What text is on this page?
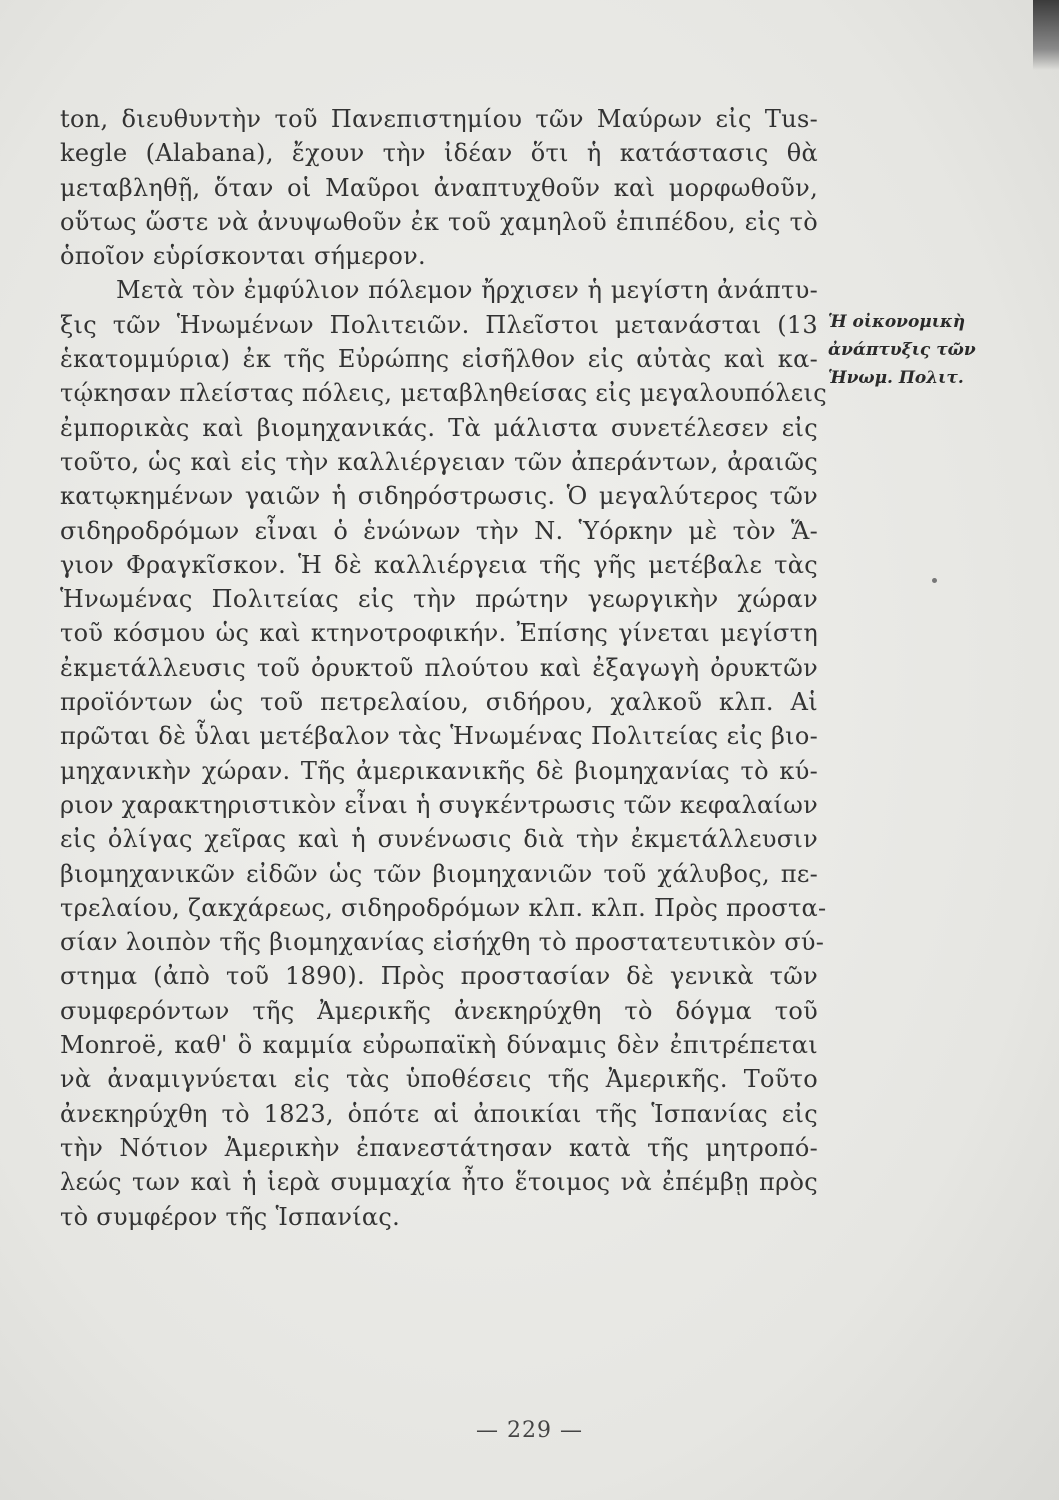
ton, διευθυντὴν τοῦ Πανεπιστημίου τῶν Μαύρων εἰς Tus-
kegle (Alabana), ἔχουν τὴν ἰδέαν ὅτι ἡ κατάστασις θὰ
μεταβληθῇ, ὅταν οἱ Μαῦροι ἀναπτυχθοῦν καὶ μορφωθοῦν,
οὕτως ὥστε νὰ ἀνυψωθοῦν ἐκ τοῦ χαμηλοῦ ἐπιπέδου, εἰς τὸ
ὁποῖον εὑρίσκονται σήμερον.
Μετὰ τὸν ἐμφύλιον πόλεμον ἤρχισεν ἡ μεγίστη ἀνάπτυ-
ξις τῶν Ἡνωμένων Πολιτειῶν. Πλεῖστοι μετανάσται (13
ἑκατομμύρια) ἐκ τῆς Εὐρώπης εἰσῆλθον εἰς αὐτὰς καὶ κα-
τῴκησαν πλείστας πόλεις, μεταβληθείσας εἰς μεγαλουπόλεις
ἐμπορικὰς καὶ βιομηχανικάς. Τὰ μάλιστα συνετέλεσεν εἰς
τοῦτο, ὡς καὶ εἰς τὴν καλλιέργειαν τῶν ἀπεράντων, ἀραιῶς
κατῳκημένων γαιῶν ἡ σιδηρόστρωσις. Ὁ μεγαλύτερος τῶν
σιδηροδρόμων εἶναι ὁ ἑνώνων τὴν Ν. Ὑόρκην μὲ τὸν Ἅ-
γιον Φραγκῖσκον. Ἡ δὲ καλλιέργεια τῆς γῆς μετέβαλε τὰς
Ἡνωμένας Πολιτείας εἰς τὴν πρώτην γεωργικὴν χώραν
τοῦ κόσμου ὡς καὶ κτηνοτροφικήν. Ἐπίσης γίνεται μεγίστη
ἐκμετάλλευσις τοῦ ὀρυκτοῦ πλούτου καὶ ἐξαγωγὴ ὀρυκτῶν
προϊόντων ὡς τοῦ πετρελαίου, σιδήρου, χαλκοῦ κλπ. Αἱ
πρῶται δὲ ὗλαι μετέβαλον τὰς Ἡνωμένας Πολιτείας εἰς βιο-
μηχανικὴν χώραν. Τῆς ἀμερικανικῆς δὲ βιομηχανίας τὸ κύ-
ριον χαρακτηριστικὸν εἶναι ἡ συγκέντρωσις τῶν κεφαλαίων
εἰς ὀλίγας χεῖρας καὶ ἡ συνένωσις διὰ τὴν ἐκμετάλλευσιν
βιομηχανικῶν εἰδῶν ὡς τῶν βιομηχανιῶν τοῦ χάλυβος, πε-
τρελαίου, ζακχάρεως, σιδηροδρόμων κλπ. κλπ. Πρὸς προστα-
σίαν λοιπὸν τῆς βιομηχανίας εἰσήχθη τὸ προστατευτικὸν σύ-
στημα (ἀπὸ τοῦ 1890). Πρὸς προστασίαν δὲ γενικὰ τῶν
συμφερόντων τῆς Ἀμερικῆς ἀνεκηρύχθη τὸ δόγμα τοῦ
Monroë, καθ' ὃ καμμία εὐρωπαϊκὴ δύναμις δὲν ἐπιτρέπεται
νὰ ἀναμιγνύεται εἰς τὰς ὑποθέσεις τῆς Ἀμερικῆς. Τοῦτο
ἀνεκηρύχθη τὸ 1823, ὁπότε αἱ ἀποικίαι τῆς Ἱσπανίας εἰς
τὴν Νότιον Ἀμερικὴν ἐπανεστάτησαν κατὰ τῆς μητροπό-
λεώς των καὶ ἡ ἱερὰ συμμαχία ἦτο ἕτοιμος νὰ ἐπέμβῃ πρὸς
τὸ συμφέρον τῆς Ἱσπανίας.
Ἡ οἰκονομικὴ
ἀνάπτυξις τῶν
Ἡνωμ. Πολιτ.
— 229 —
